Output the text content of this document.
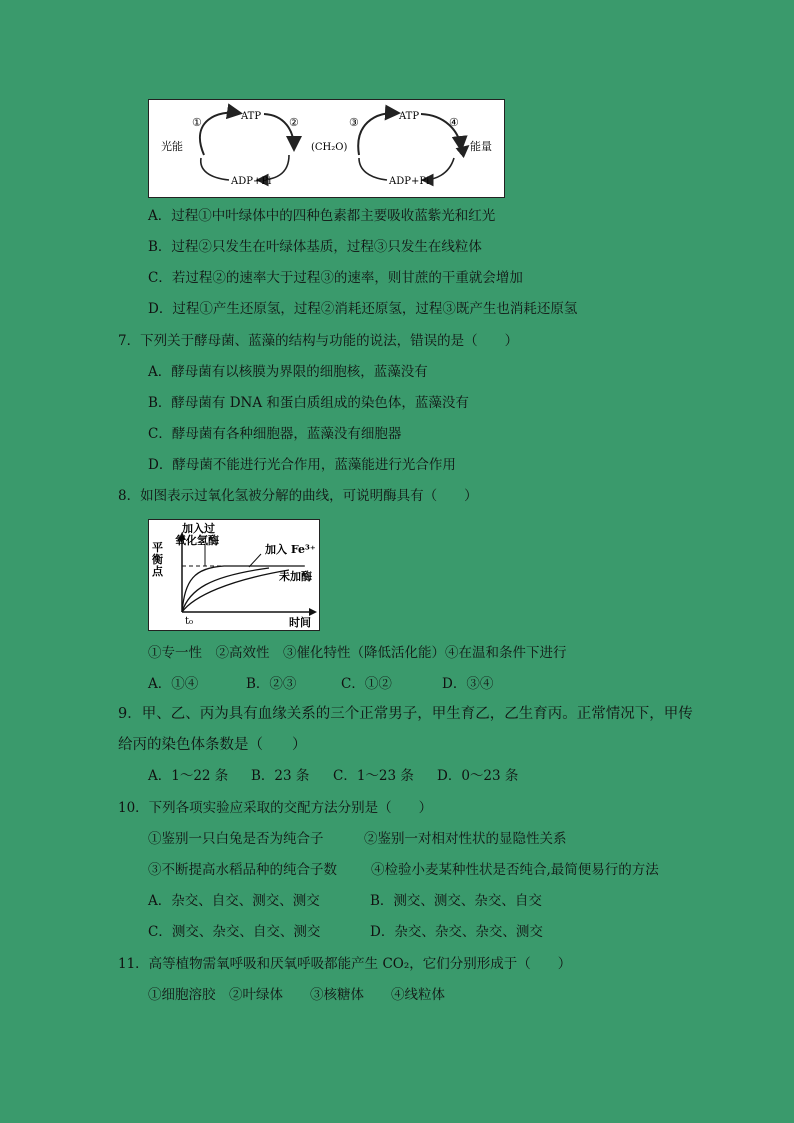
光能
①	ATP	②
(CH₂O)
ADP+Pi
③	ATP	④
能量
ADP+Pi
A．过程①中叶绿体中的四种色素都主要吸收蓝紫光和红光
B．过程②只发生在叶绿体基质，过程③只发生在线粒体
C．若过程②的速率大于过程③的速率，则甘蔗的干重就会增加
D．过程①产生还原氢，过程②消耗还原氢，过程③既产生也消耗还原氢
7．下列关于酵母菌、蓝藻的结构与功能的说法，错误的是（　　）
A．酵母菌有以核膜为界限的细胞核，蓝藻没有
B．酵母菌有 DNA 和蛋白质组成的染色体，蓝藻没有
C．酵母菌有各种细胞器，蓝藻没有细胞器
D．酵母菌不能进行光合作用，蓝藻能进行光合作用
8．如图表示过氧化氢被分解的曲线，可说明酶具有（　　）
平
衡
点
加入过
氧化氢酶
加入 Fe³⁺
未加酶
t₀	时间
①专一性　②高效性　③催化特性（降低活化能）④在温和条件下进行
A．①④	B．②③	C．①②	D．③④
9．甲、乙、丙为具有血缘关系的三个正常男子，甲生育乙，乙生育丙。正常情况下，甲传
给丙的染色体条数是（　　）
A．1～22 条 B．23 条 C．1～23 条 D．0～23 条
10．下列各项实验应采取的交配方法分别是（　　）
①鉴别一只白兔是否为纯合子	②鉴别一对相对性状的显隐性关系
③不断提高水稻品种的纯合子数	④检验小麦某种性状是否纯合,最简便易行的方法
A．杂交、自交、测交、测交	B．测交、测交、杂交、自交
C．测交、杂交、自交、测交	D．杂交、杂交、杂交、测交
11．高等植物需氧呼吸和厌氧呼吸都能产生 CO₂，它们分别形成于（　　）
①细胞溶胶　②叶绿体　　③核糖体　　④线粒体
